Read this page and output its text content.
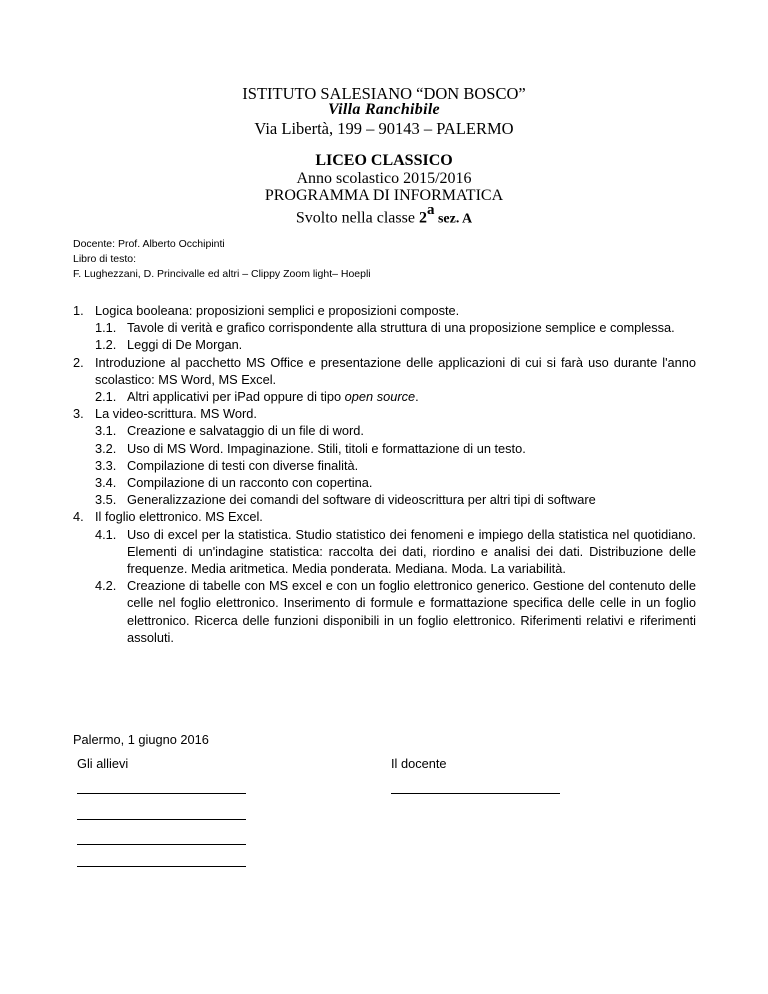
ISTITUTO SALESIANO “DON BOSCO”
Villa Ranchibile
Via Libertà, 199 – 90143 – PALERMO
LICEO CLASSICO
Anno scolastico 2015/2016
PROGRAMMA DI INFORMATICA
Svolto nella classe 2$^a$ sez. A
Docente: Prof. Alberto Occhipinti
Libro di testo:
F. Lughezzani, D. Princivalle ed altri – Clippy Zoom light– Hoepli
1. Logica booleana: proposizioni semplici e proposizioni composte.
1.1. Tavole di verità e grafico corrispondente alla struttura di una proposizione semplice e complessa.
1.2. Leggi di De Morgan.
2. Introduzione al pacchetto MS Office e presentazione delle applicazioni di cui si farà uso durante l'anno scolastico: MS Word, MS Excel.
2.1. Altri applicativi per iPad oppure di tipo open source.
3. La video-scrittura. MS Word.
3.1. Creazione e salvataggio di un file di word.
3.2. Uso di MS Word. Impaginazione. Stili, titoli e formattazione di un testo.
3.3. Compilazione di testi con diverse finalità.
3.4. Compilazione di un racconto con copertina.
3.5. Generalizzazione dei comandi del software di videoscrittura per altri tipi di software
4. Il foglio elettronico. MS Excel.
4.1. Uso di excel per la statistica. Studio statistico dei fenomeni e impiego della statistica nel quotidiano. Elementi di un'indagine statistica: raccolta dei dati, riordino e analisi dei dati. Distribuzione delle frequenze. Media aritmetica. Media ponderata. Mediana. Moda. La variabilità.
4.2. Creazione di tabelle con MS excel e con un foglio elettronico generico. Gestione del contenuto delle celle nel foglio elettronico. Inserimento di formule e formattazione specifica delle celle in un foglio elettronico. Ricerca delle funzioni disponibili in un foglio elettronico. Riferimenti relativi e riferimenti assoluti.
Palermo, 1 giugno 2016
Gli allievi	Il docente
